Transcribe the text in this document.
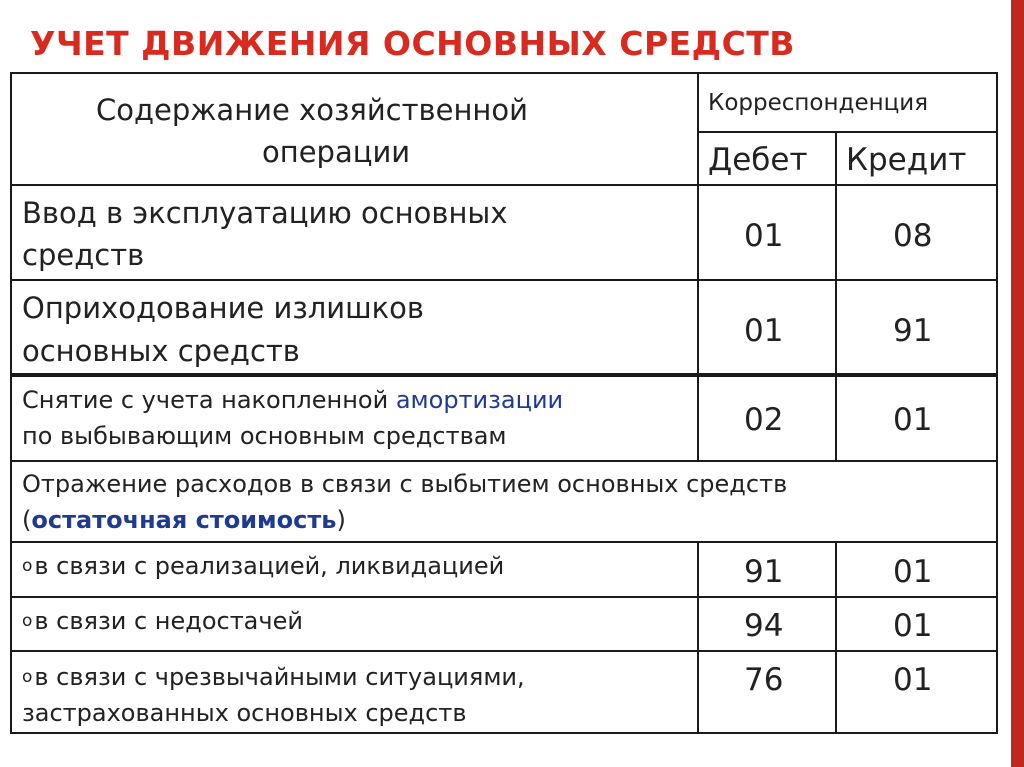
УЧЕТ ДВИЖЕНИЯ ОСНОВНЫХ СРЕДСТВ
Содержание хозяйственной
операции
Корреспонденция
Дебет Кредит
Ввод в эксплуатацию основных
средств
01	08
Оприходование излишков
основных средств
01	91
Снятие с учета накопленной амортизации
по выбывающим основным средствам	02	01
Отражение расходов в связи с выбытием основных средств
(остаточная стоимость)
oв связи с реализацией, ликвидацией	91	01
oв связи с недостачей	94	01
oв связи с чрезвычайными ситуациями,
застрахованных основных средств
76	01
